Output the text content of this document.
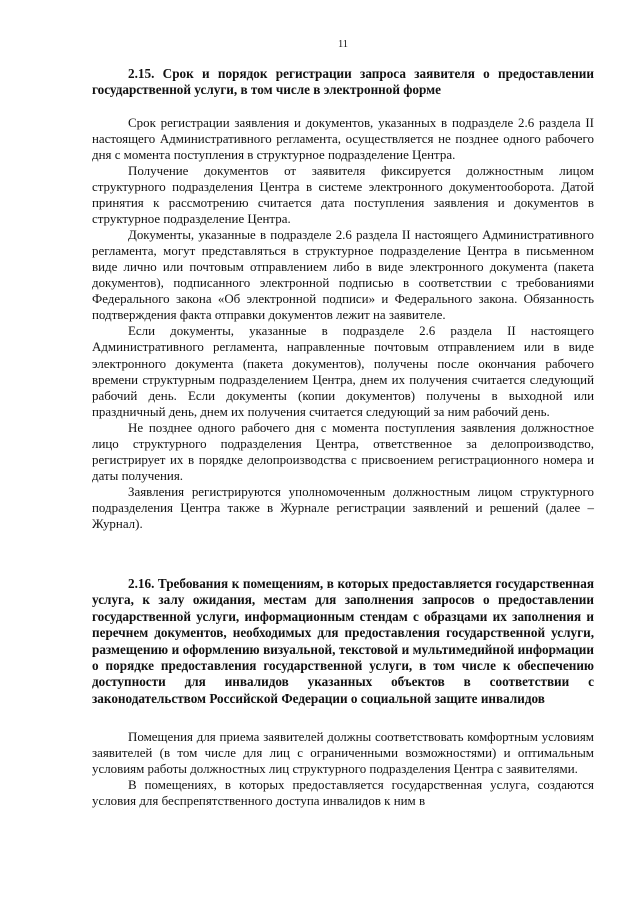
11

2.15. Срок и порядок регистрации запроса заявителя о предоставлении государственной услуги, в том числе в электронной форме

Срок регистрации заявления и документов, указанных в подразделе 2.6 раздела II настоящего Административного регламента, осуществляется не позднее одного рабочего дня с момента поступления в структурное подразделение Центра.

Получение документов от заявителя фиксируется должностным лицом структурного подразделения Центра в системе электронного документооборота. Датой принятия к рассмотрению считается дата поступления заявления и документов в структурное подразделение Центра.

Документы, указанные в подразделе 2.6 раздела II настоящего Административного регламента, могут представляться в структурное подразделение Центра в письменном виде лично или почтовым отправлением либо в виде электронного документа (пакета документов), подписанного электронной подписью в соответствии с требованиями Федерального закона «Об электронной подписи» и Федерального закона. Обязанность подтверждения факта отправки документов лежит на заявителе.

Если документы, указанные в подразделе 2.6 раздела II настоящего Административного регламента, направленные почтовым отправлением или в виде электронного документа (пакета документов), получены после окончания рабочего времени структурным подразделением Центра, днем их получения считается следующий рабочий день. Если документы (копии документов) получены в выходной или праздничный день, днем их получения считается следующий за ним рабочий день.

Не позднее одного рабочего дня с момента поступления заявления должностное лицо структурного подразделения Центра, ответственное за делопроизводство, регистрирует их в порядке делопроизводства с присвоением регистрационного номера и даты получения.

Заявления регистрируются уполномоченным должностным лицом структурного подразделения Центра также в Журнале регистрации заявлений и решений (далее – Журнал).

2.16. Требования к помещениям, в которых предоставляется государственная услуга, к залу ожидания, местам для заполнения запросов о предоставлении государственной услуги, информационным стендам с образцами их заполнения и перечнем документов, необходимых для предоставления государственной услуги, размещению и оформлению визуальной, текстовой и мультимедийной информации о порядке предоставления государственной услуги, в том числе к обеспечению доступности для инвалидов указанных объектов в соответствии с законодательством Российской Федерации о социальной защите инвалидов

Помещения для приема заявителей должны соответствовать комфортным условиям заявителей (в том числе для лиц с ограниченными возможностями) и оптимальным условиям работы должностных лиц структурного подразделения Центра с заявителями.

В помещениях, в которых предоставляется государственная услуга, создаются условия для беспрепятственного доступа инвалидов к ним в
